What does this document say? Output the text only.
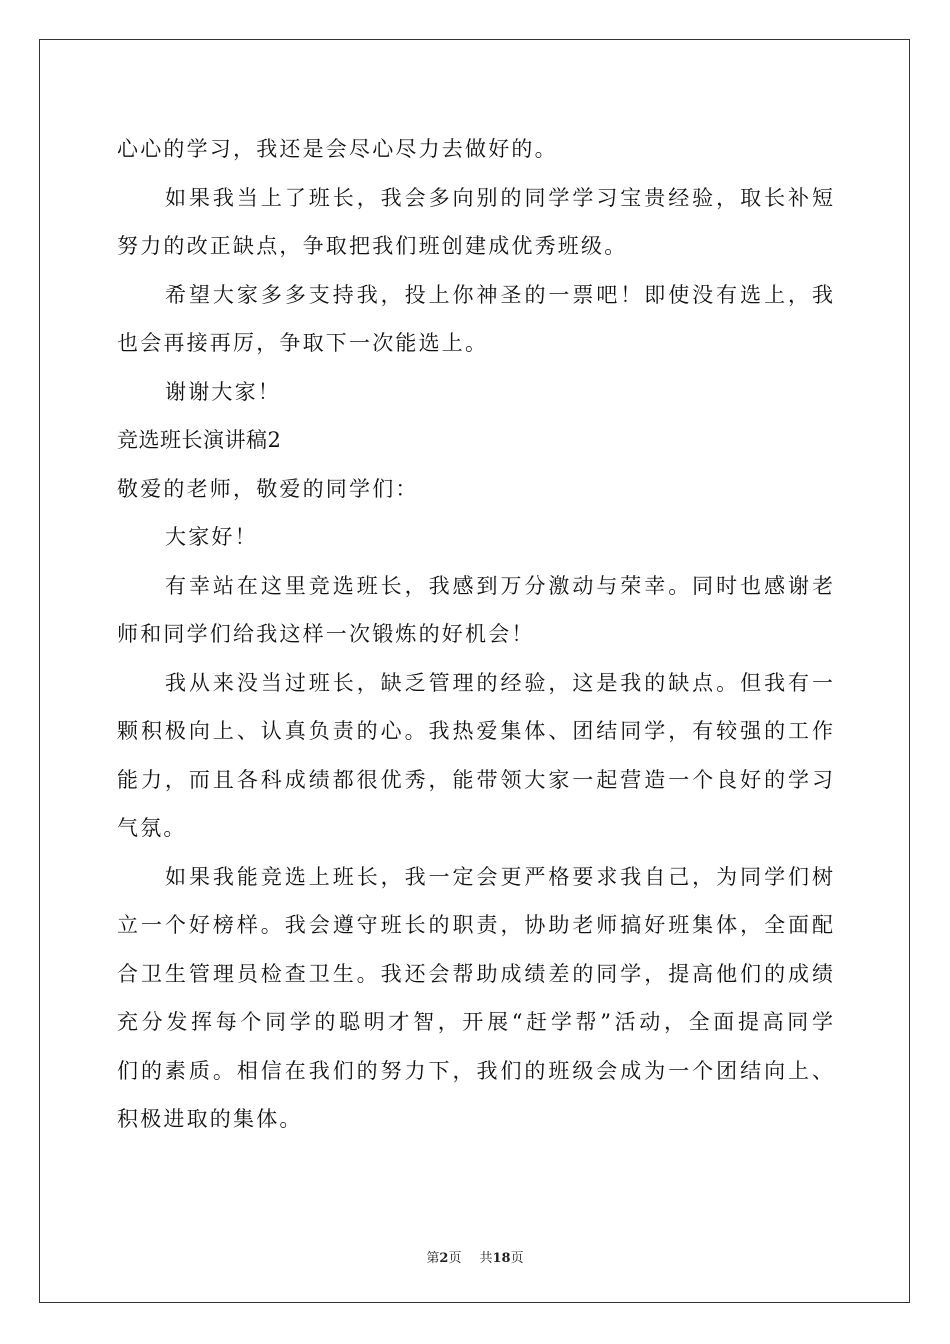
心心的学习，我还是会尽心尽力去做好的。
如果我当上了班长，我会多向别的同学学习宝贵经验，取长补短
努力的改正缺点，争取把我们班创建成优秀班级。
希望大家多多支持我，投上你神圣的一票吧！即使没有选上，我
也会再接再厉，争取下一次能选上。
谢谢大家！
竞选班长演讲稿2
敬爱的老师，敬爱的同学们：
大家好！
有幸站在这里竞选班长，我感到万分激动与荣幸。同时也感谢老
师和同学们给我这样一次锻炼的好机会！
我从来没当过班长，缺乏管理的经验，这是我的缺点。但我有一
颗积极向上、认真负责的心。我热爱集体、团结同学，有较强的工作
能力，而且各科成绩都很优秀，能带领大家一起营造一个良好的学习
气氛。
如果我能竞选上班长，我一定会更严格要求我自己，为同学们树
立一个好榜样。我会遵守班长的职责，协助老师搞好班集体，全面配
合卫生管理员检查卫生。我还会帮助成绩差的同学，提高他们的成绩
充分发挥每个同学的聪明才智，开展“赶学帮”活动，全面提高同学
们的素质。相信在我们的努力下，我们的班级会成为一个团结向上、
积极进取的集体。
第2页 共18页
